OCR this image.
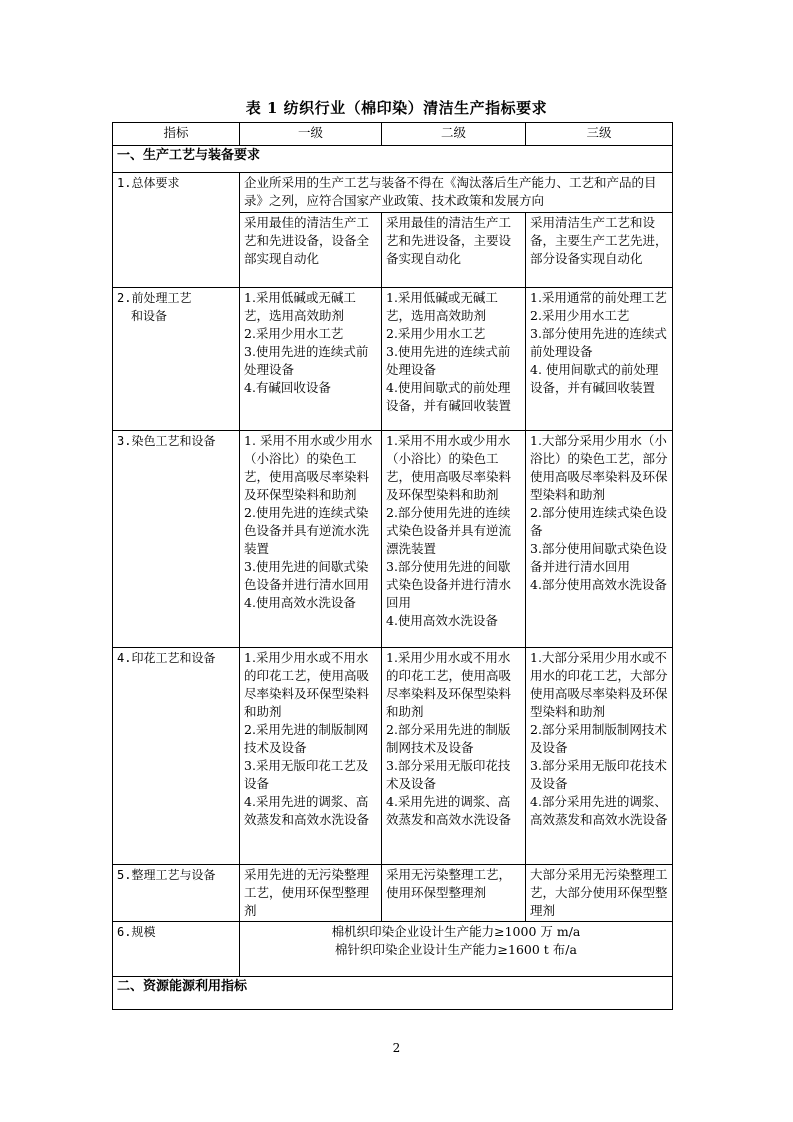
表 1 纺织行业（棉印染）清洁生产指标要求
指标	一级	二级	三级
一、生产工艺与装备要求			
1.总体要求	企业所采用的生产工艺与装备不得在《淘汰落后生产能力、工艺和产品的目录》之列，应符合国家产业政策、技术政策和发展方向		
	采用最佳的清洁生产工艺和先进设备，设备全部实现自动化	采用最佳的清洁生产工艺和先进设备，主要设备实现自动化	采用清洁生产工艺和设备，主要生产工艺先进，部分设备实现自动化

2.前处理工艺
和设备	1.采用低碱或无碱工艺，选用高效助剂
2.采用少用水工艺
3.使用先进的连续式前处理设备
4.有碱回收设备	1.采用低碱或无碱工艺，选用高效助剂
2.采用少用水工艺
3.使用先进的连续式前处理设备
4.使用间歇式的前处理设备，并有碱回收装置	1.采用通常的前处理工艺
2.采用少用水工艺
3.部分使用先进的连续式前处理设备
4. 使用间歇式的前处理设备，并有碱回收装置

3.染色工艺和设备	1. 采用不用水或少用水（小浴比）的染色工艺，使用高吸尽率染料及环保型染料和助剂
2.使用先进的连续式染色设备并具有逆流水洗装置
3.使用先进的间歇式染色设备并进行清水回用
4.使用高效水洗设备	1.采用不用水或少用水（小浴比）的染色工艺，使用高吸尽率染料及环保型染料和助剂
2.部分使用先进的连续式染色设备并具有逆流漂洗装置
3.部分使用先进的间歇式染色设备并进行清水回用
4.使用高效水洗设备	1.大部分采用少用水（小浴比）的染色工艺，部分使用高吸尽率染料及环保型染料和助剂
2.部分使用连续式染色设备
3.部分使用间歇式染色设备并进行清水回用
4.部分使用高效水洗设备

4.印花工艺和设备	1.采用少用水或不用水的印花工艺，使用高吸尽率染料及环保型染料和助剂
2.采用先进的制版制网技术及设备
3.采用无版印花工艺及设备
4.采用先进的调浆、高效蒸发和高效水洗设备	1.采用少用水或不用水的印花工艺，使用高吸尽率染料及环保型染料和助剂
2.部分采用先进的制版制网技术及设备
3.部分采用无版印花技术及设备
4.采用先进的调浆、高效蒸发和高效水洗设备	1.大部分采用少用水或不用水的印花工艺，大部分使用高吸尽率染料及环保型染料和助剂
2.部分采用制版制网技术及设备
3.部分采用无版印花技术及设备
4.部分采用先进的调浆、高效蒸发和高效水洗设备

5.整理工艺与设备	采用先进的无污染整理工艺，使用环保型整理剂	采用无污染整理工艺，使用环保型整理剂	大部分采用无污染整理工艺，大部分使用环保型整理剂
6.规模	棉机织印染企业设计生产能力≥1000 万 m/a
棉针织印染企业设计生产能力≥1600 t 布/a		

二、资源能源利用指标			
2
